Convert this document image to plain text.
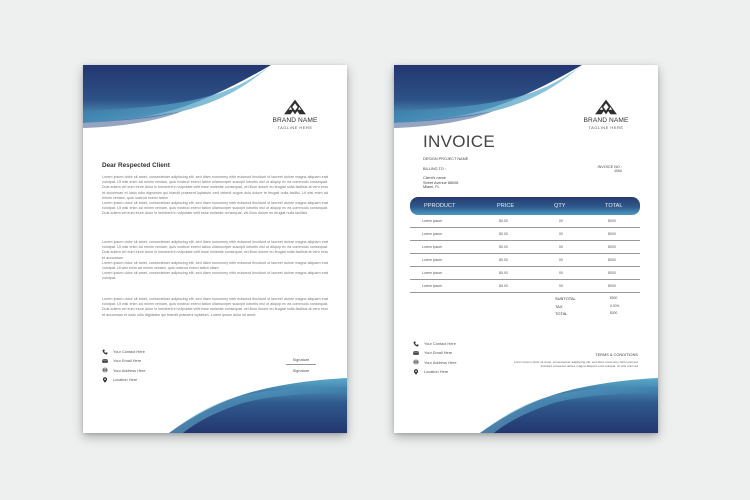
BRAND NAME
TAGLINE HERE
Dear Respected Client
Lorem ipsum dolor sit amet, consectetuer adipiscing elit, sed diam nonummy nibh euismod tincidunt ut laoreet dolore magna aliquam erat volutpat. Ut wisi enim ad minim veniam, quis nostrud exerci tation ullamcorper suscipit lobortis nisl ut aliquip ex ea commodo consequat. Duis autem vel eum iriure dolor in hendrerit in vulputate velit esse molestie consequat, vel illum dolore eu feugiat nulla facilisis at vero eros et accumsan et iusto odio dignissim qui blandit praesent luptatum zzril delenit augue duis dolore te feugait nulla facilisi. Ut wisi enim ad minim veniam, quis nostrud exerci tation
Lorem ipsum dolor sit amet, consectetuer adipiscing elit, sed diam nonummy nibh euismod tincidunt ut laoreet dolore magna aliquam erat volutpat. Ut wisi enim ad minim veniam, quis nostrud exerci tation ullamcorper suscipit lobortis nisl ut aliquip ex ea commodo consequat. Duis autem vel eum iriure dolor in hendrerit in vulputate velit esse molestie consequat, vel illum dolore eu feugiat nulla facilisis
Lorem ipsum dolor sit amet, consectetuer adipiscing elit, sed diam nonummy nibh euismod tincidunt ut laoreet dolore magna aliquam erat volutpat. Ut wisi enim ad minim veniam, quis nostrud exerci tation ullamcorper suscipit lobortis nisl ut aliquip ex ea commodo consequat. Duis autem vel eum iriure dolor in hendrerit in vulputate velit esse molestie consequat, vel illum dolore eu feugiat nulla facilisis at vero eros et accumsan
Lorem ipsum dolor sit amet, consectetuer adipiscing elit, sed diam nonummy nibh euismod tincidunt ut laoreet dolore magna aliquam erat volutpat. Ut wisi enim ad minim veniam, quis nostrud exerci tation ullam
Lorem ipsum dolor sit amet, consectetuer adipiscing elit, sed diam nonummy nibh euismod tincidunt ut laoreet dolore magna aliquam erat volutpat.
Lorem ipsum dolor sit amet, consectetuer adipiscing elit, sed diam nonummy nibh euismod tincidunt ut laoreet dolore magna aliquam erat volutpat. Ut wisi enim ad minim veniam, quis nostrud exerci tation ullamcorper suscipit lobortis nisl ut aliquip ex ea commodo consequat. Duis autem vel eum iriure dolor in hendrerit in vulputate velit esse molestie consequat, vel illum dolore eu feugiat nulla facilisis at vero eros et accumsan et iusto odio dignissim qui blandit praesent luptatum. Lorem ipsum dolor sit amet.
Your Contact Here
Your Email Here
Your Address Here
Location Here
Signature
Signature
BRAND NAME
TAGLINE HERE
INVOICE
DESIGN PROJECT NAME
BILLING TO :
Client's name
Street Avenue 88008
Miami, FL
INVOICE NO :
456A
PPRODUCT	PRICE	QTY	TOTAL
Lorem ipsum	$0.00	00	$000
Lorem ipsum	$0.00	00	$000
Lorem ipsum	$0.00	00	$000
Lorem ipsum	$0.00	00	$000
Lorem ipsum	$0.00	00	$000
Lorem ipsum	$0.00	00	$000
SUBTOTAL	$000
TAX	0.00%
TOTAL	$000
Your Contact Here
Your Email Here
Your Address Here
Location Here
TERMS & CONDITIONS
Lorem ipsum dolor sit amet, consectetuer adipiscing elit, sed diam nonummy nibh euismod tincidunt ut laoreet dolore magna aliquam erat volutpat. Ut wisi enim ad
